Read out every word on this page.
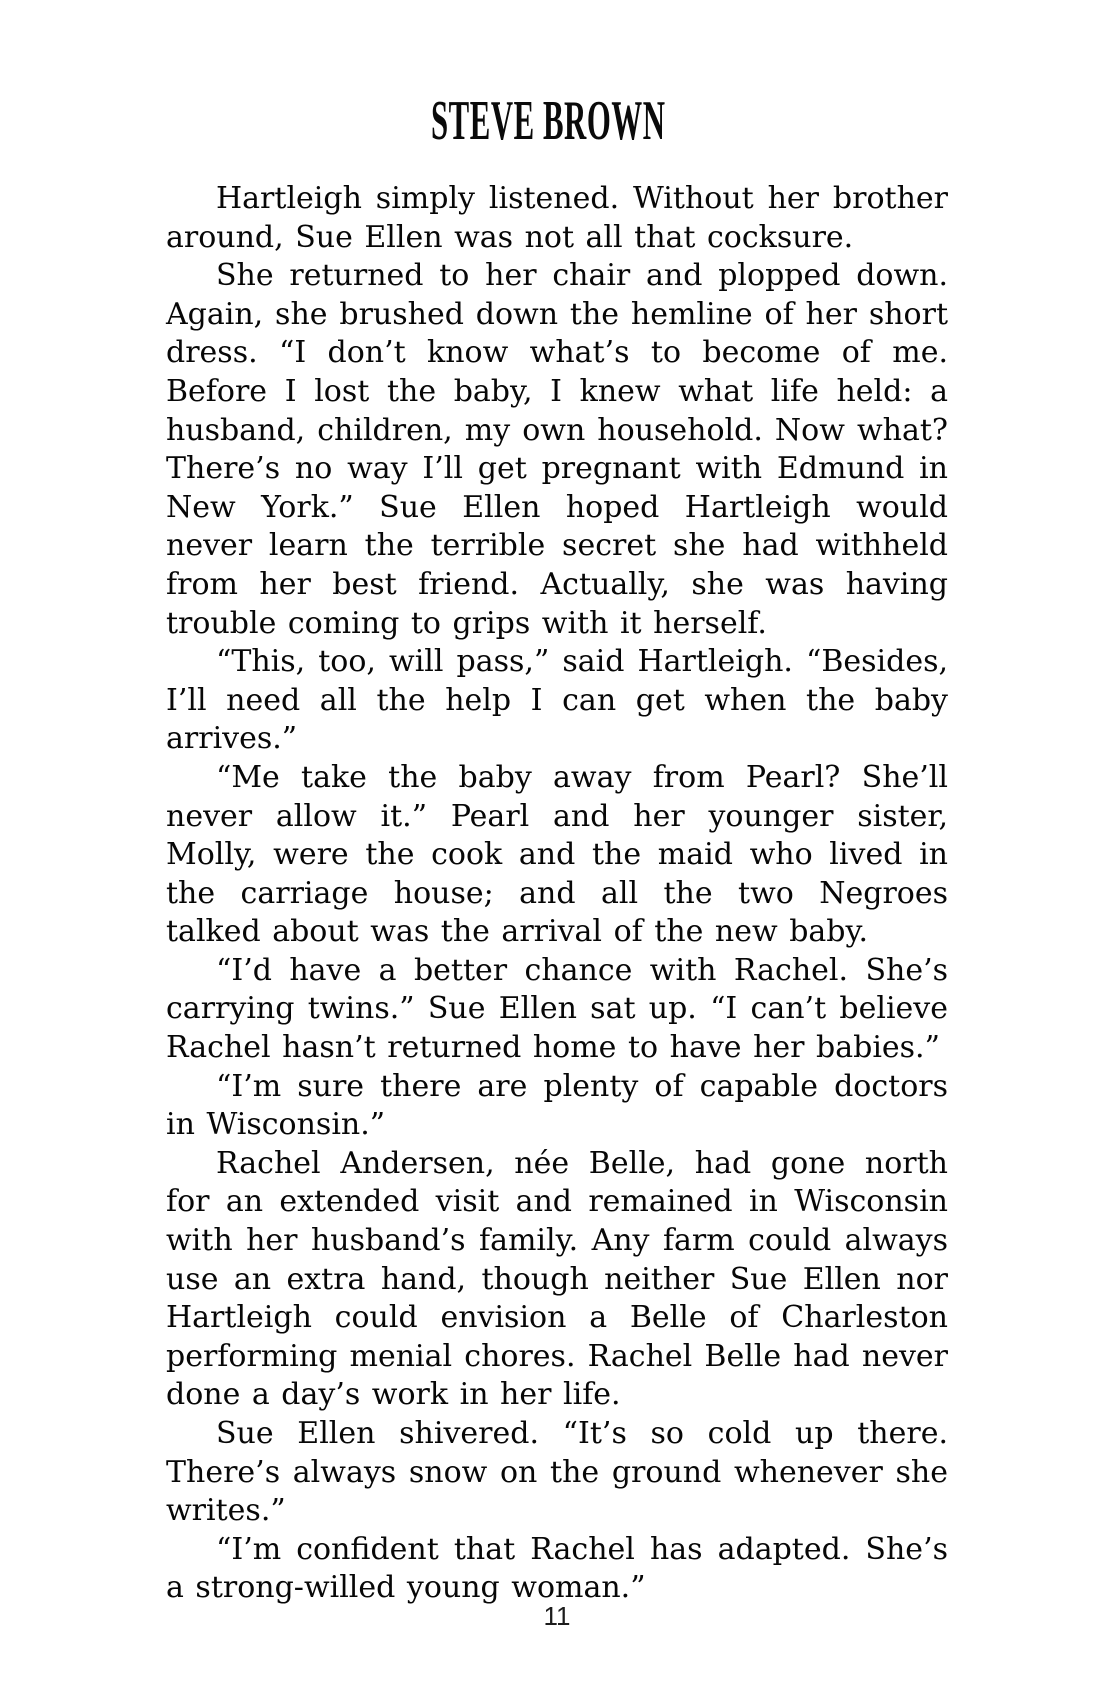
STEVE BROWN

Hartleigh simply listened. Without her brother around, Sue Ellen was not all that cocksure.

She returned to her chair and plopped down. Again, she brushed down the hemline of her short dress. “I don’t know what’s to become of me. Before I lost the baby, I knew what life held: a husband, children, my own household. Now what? There’s no way I’ll get pregnant with Edmund in New York.” Sue Ellen hoped Hartleigh would never learn the terrible secret she had withheld from her best friend. Actually, she was having trouble coming to grips with it herself.

“This, too, will pass,” said Hartleigh. “Besides, I’ll need all the help I can get when the baby arrives.”

“Me take the baby away from Pearl? She’ll never allow it.” Pearl and her younger sister, Molly, were the cook and the maid who lived in the carriage house; and all the two Negroes talked about was the arrival of the new baby.

“I’d have a better chance with Rachel. She’s carrying twins.” Sue Ellen sat up. “I can’t believe Rachel hasn’t returned home to have her babies.”

“I’m sure there are plenty of capable doctors in Wisconsin.”

Rachel Andersen, née Belle, had gone north for an extended visit and remained in Wisconsin with her husband’s family. Any farm could always use an extra hand, though neither Sue Ellen nor Hartleigh could envision a Belle of Charleston performing menial chores. Rachel Belle had never done a day’s work in her life.

Sue Ellen shivered. “It’s so cold up there. There’s always snow on the ground whenever she writes.”

“I’m confident that Rachel has adapted. She’s a strong-willed young woman.”

11
